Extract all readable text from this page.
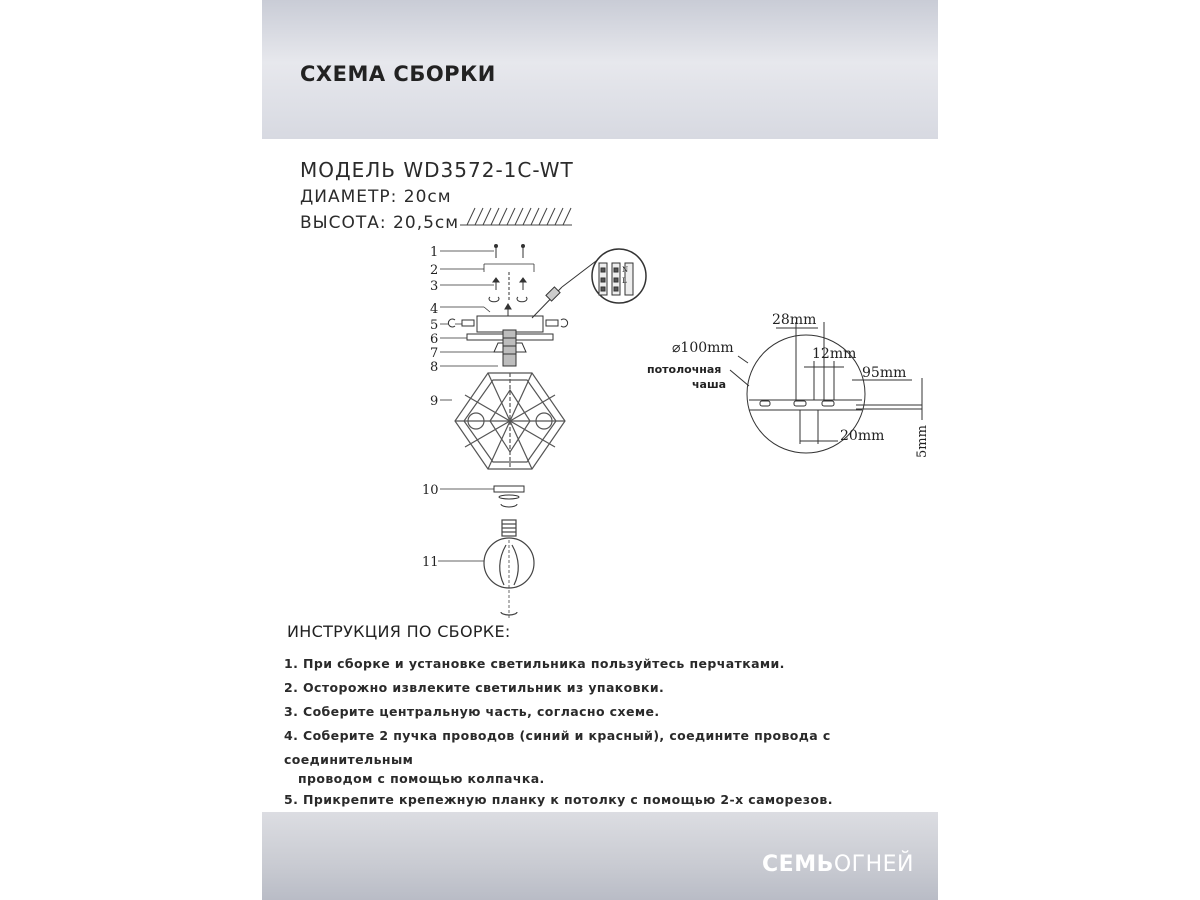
СХЕМА СБОРКИ
МОДЕЛЬ WD3572-1C-WT
ДИАМЕТР: 20см
ВЫСОТА: 20,5см
1
2
3
4
5
6
7
8
9
10
11
N
L
28mm
⌀100mm	12mm
95mm
20mm 5mm
потолочная
чаша
ИНСТРУКЦИЯ ПО СБОРКЕ:
1. При сборке и установке светильника пользуйтесь перчатками.
2. Осторожно извлеките светильник из упаковки.
3. Соберите центральную часть, согласно схеме.
4. Соберите 2 пучка проводов (синий и красный), соедините провода с соединительным
проводом с помощью колпачка.
5. Прикрепите крепежную планку к потолку с помощью 2-х саморезов.
СЕМЬОГНЕЙ
